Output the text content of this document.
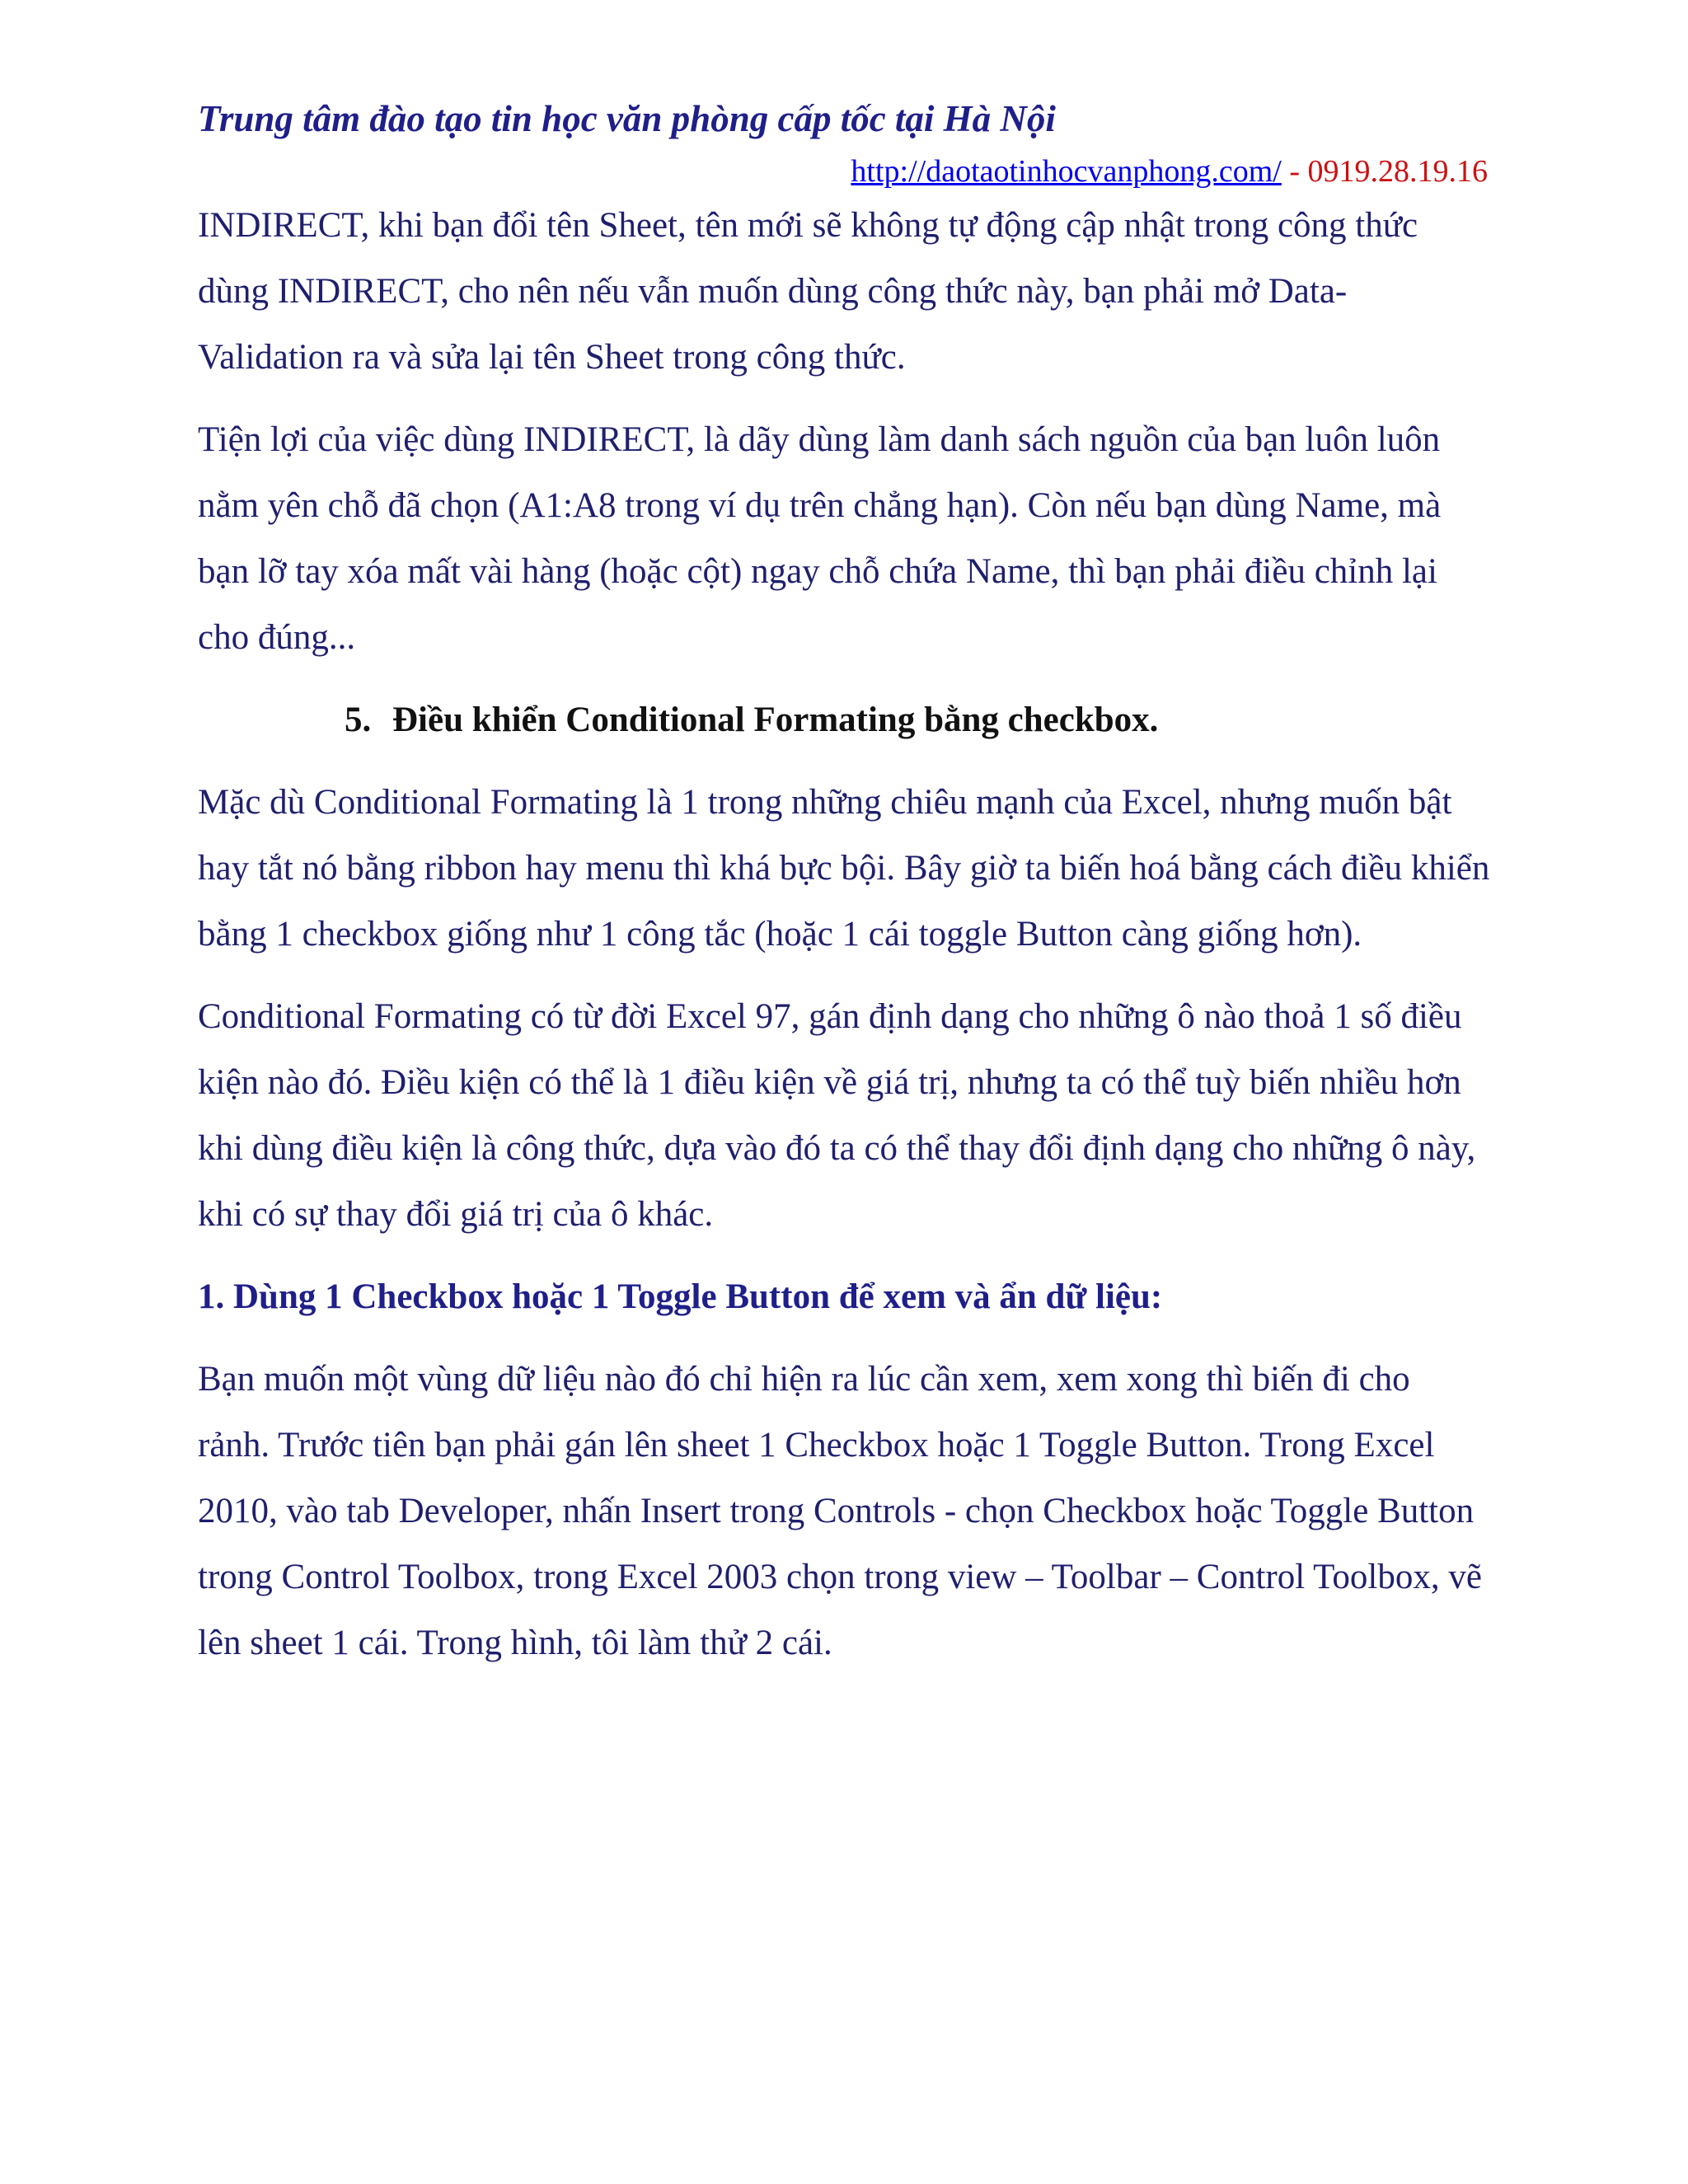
Trung tâm đào tạo tin học văn phòng cấp tốc tại Hà Nội
http://daotaotinhocvanphong.com/ - 0919.28.19.16

INDIRECT, khi bạn đổi tên Sheet, tên mới sẽ không tự động cập nhật trong công thức dùng INDIRECT, cho nên nếu vẫn muốn dùng công thức này, bạn phải mở Data-Validation ra và sửa lại tên Sheet trong công thức.

Tiện lợi của việc dùng INDIRECT, là dãy dùng làm danh sách nguồn của bạn luôn luôn nằm yên chỗ đã chọn (A1:A8 trong ví dụ trên chẳng hạn). Còn nếu bạn dùng Name, mà bạn lỡ tay xóa mất vài hàng (hoặc cột) ngay chỗ chứa Name, thì bạn phải điều chỉnh lại cho đúng...

5. Điều khiển Conditional Formating bằng checkbox.

Mặc dù Conditional Formating là 1 trong những chiêu mạnh của Excel, nhưng muốn bật hay tắt nó bằng ribbon hay menu thì khá bực bội. Bây giờ ta biến hoá bằng cách điều khiển bằng 1 checkbox giống như 1 công tắc (hoặc 1 cái toggle Button càng giống hơn).

Conditional Formating có từ đời Excel 97, gán định dạng cho những ô nào thoả 1 số điều kiện nào đó. Điều kiện có thể là 1 điều kiện về giá trị, nhưng ta có thể tuỳ biến nhiều hơn khi dùng điều kiện là công thức, dựa vào đó ta có thể thay đổi định dạng cho những ô này, khi có sự thay đổi giá trị của ô khác.

1. Dùng 1 Checkbox hoặc 1 Toggle Button để xem và ẩn dữ liệu:

Bạn muốn một vùng dữ liệu nào đó chỉ hiện ra lúc cần xem, xem xong thì biến đi cho rảnh. Trước tiên bạn phải gán lên sheet 1 Checkbox hoặc 1 Toggle Button. Trong Excel 2010, vào tab Developer, nhấn Insert trong Controls - chọn Checkbox hoặc Toggle Button trong Control Toolbox, trong Excel 2003 chọn trong view – Toolbar – Control Toolbox, vẽ lên sheet 1 cái. Trong hình, tôi làm thử 2 cái.
